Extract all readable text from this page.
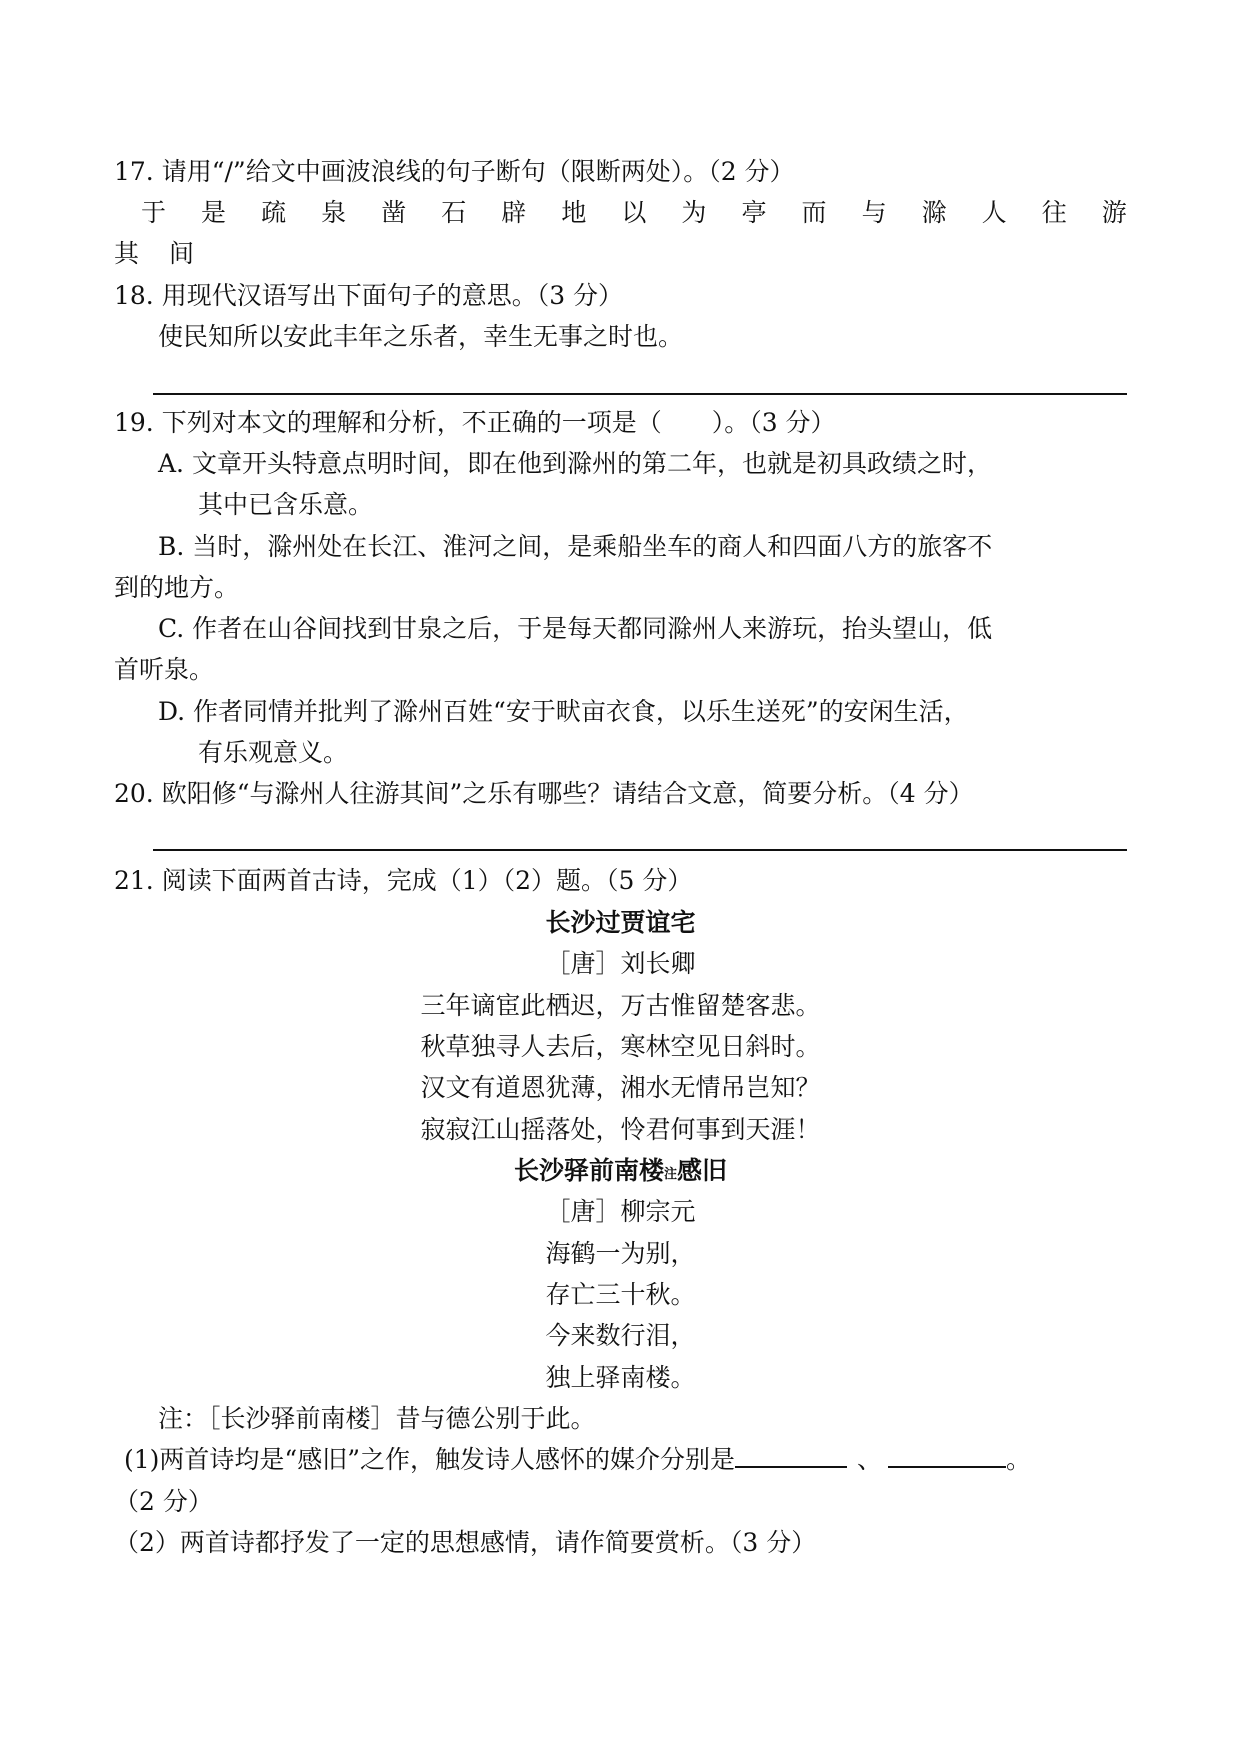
17. 请用“/”给文中画波浪线的句子断句（限断两处）。（2 分）
于 是 疏 泉 凿 石 辟 地 以 为 亭 而 与 滁 人 往 游
其 间
18. 用现代汉语写出下面句子的意思。（3 分）
使民知所以安此丰年之乐者，幸生无事之时也。
19. 下列对本文的理解和分析，不正确的一项是（　　）。（3 分）
A. 文章开头特意点明时间，即在他到滁州的第二年，也就是初具政绩之时，
其中已含乐意。
B. 当时，滁州处在长江、淮河之间，是乘船坐车的商人和四面八方的旅客不
到的地方。
C. 作者在山谷间找到甘泉之后，于是每天都同滁州人来游玩，抬头望山，低
首听泉。
D. 作者同情并批判了滁州百姓“安于畎亩衣食，以乐生送死”的安闲生活，
有乐观意义。
20. 欧阳修“与滁州人往游其间”之乐有哪些？请结合文意，简要分析。（4 分）
21. 阅读下面两首古诗，完成（1）（2）题。（5 分）
长沙过贾谊宅
［唐］刘长卿
三年谪宦此栖迟，万古惟留楚客悲。
秋草独寻人去后，寒林空见日斜时。
汉文有道恩犹薄，湘水无情吊岂知？
寂寂江山摇落处，怜君何事到天涯！
长沙驿前南楼$^注$感旧
［唐］柳宗元
海鹤一为别，
存亡三十秋。
今来数行泪，
独上驿南楼。
注：［长沙驿前南楼］昔与德公别于此。
(1)两首诗均是“感旧”之作，触发诗人感怀的媒介分别是	、	。
（2 分）
（2）两首诗都抒发了一定的思想感情，请作简要赏析。（3 分）
